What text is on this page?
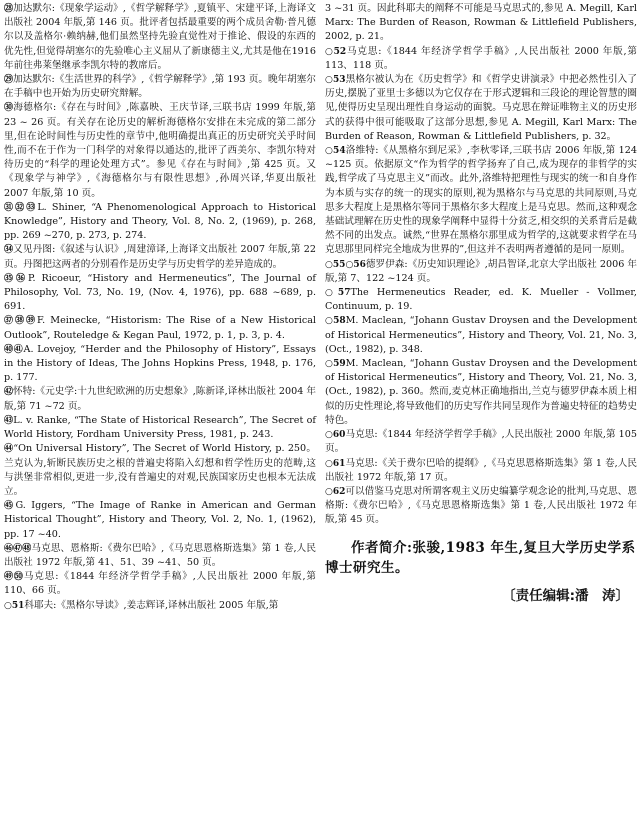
㉘加达默尔:《现象学运动》,《哲学解释学》,夏镇平、宋建平译,上海译文出版社 2004 年版,第 146 页。批评者包括最重要的两个成员舍勒·普凡德尔以及盖格尔·赖纳赫,他们虽然坚持先验直觉性对于推论、假设的东西的优先性,但觉得胡塞尔的先验唯心主义屈从了新康德主义,尤其是他在1916 年前往弗莱堡继承李凯尔特的教席后。

㉙加达默尔:《生活世界的科学》,《哲学解释学》,第 193 页。晚年胡塞尔在手稿中也开始为历史研究辩解。

㉚海德格尔:《存在与时间》,陈嘉映、王庆节译,三联书店 1999 年版,第 23 ~ 26 页。有关存在论历史的解析海德格尔安排在未完成的第二部分里,但在论时间性与历史性的章节中,他明确提出真正的历史研究关乎时间性,而不在于作为一门科学的对象得以通达的,批评了西美尔、李凯尔特对待历史的“科学的理论处理方式”。参见《存在与时间》,第 425 页。又《现象学与神学》,《海德格尔与有限性思想》,孙周兴译,华夏出版社 2007 年版,第 10 页。

㉛㉜㉝L. Shiner, “A Phenomenological Approach to Historical Knowledge”, History and Theory, Vol. 8, No. 2, (1969), p. 268, pp. 269 ~270, p. 273, p. 274.

㉞又见丹图:《叙述与认识》,周建漳译,上海译文出版社 2007 年版,第 22 页。丹图把这两者的分别看作是历史学与历史哲学的差异造成的。

㉟㊱P. Ricoeur, “History and Hermeneutics”, The Journal of Philosophy, Vol. 73, No. 19, (Nov. 4, 1976), pp. 688 ~689, p. 691.

㊲㊳㊴F. Meinecke, “Historism: The Rise of a New Historical Outlook”, Routeledge & Kegan Paul, 1972, p. 1, p. 3, p. 4.

㊵㊶A. Lovejoy, “Herder and the Philosophy of History”, Essays in the History of Ideas, The Johns Hopkins Press, 1948, p. 176, p. 177.

㊷怀特:《元史学:十九世纪欧洲的历史想象》,陈新译,译林出版社 2004 年版,第 71 ~72 页。

㊸L. v. Ranke, “The State of Historical Research”, The Secret of World History, Fordham University Press, 1981, p. 243.

㊹“On Universal History”, The Secret of World History, p. 250。兰克认为,斩断民族历史之根的普遍史将陷入幻想和哲学性历史的范畴,这与洪堡非常相似,更进一步,没有普遍史的对观,民族国家历史也根本无法成立。

㊺G. Iggers, “The Image of Ranke in American and German Historical Thought”, History and Theory, Vol. 2, No. 1, (1962), pp. 17 ~40.

㊻㊼㊽马克思、恩格斯:《费尔巴哈》,《马克思恩格斯选集》第 1 卷,人民出版社 1972 年版,第 41、51、39 ~41、50 页。

㊾㊿马克思:《1844 年经济学哲学手稿》,人民出版社 2000 年版,第 110、66 页。

○51科耶夫:《黑格尔导读》,姜志辉译,译林出版社 2005 年版,第

3 ~31 页。因此科耶夫的阐释不可能是马克思式的,参见 A. Megill, Karl Marx: The Burden of Reason, Rowman & Littlefield Publishers, 2002, p. 21。

○52马克思:《1844 年经济学哲学手稿》,人民出版社 2000 年版,第 113、118 页。

○53黑格尔被认为在《历史哲学》和《哲学史讲演录》中把必然性引入了历史,摆脱了亚里士多德以为它仅存在于形式逻辑和三段论的理论智慧的圈见,使得历史呈现出理性自身运动的面貌。马克思在辩证唯物主义的历史形式的获得中很可能吸取了这部分思想,参见 A. Megill, Karl Marx: The Burden of Reason, Rowman & Littlefield Publishers, p. 32。

○54洛维特:《从黑格尔到尼采》,李秋零译,三联书店 2006 年版,第 124 ~125 页。依据原文“作为哲学的哲学扬弃了自己,成为现存的非哲学的实践,哲学成了马克思主义”而改。此外,洛维特把理性与现实的统一和自身作为本质与实存的统一的现实的原则,视为黑格尔与马克思的共同原则,马克思多大程度上是黑格尔等同于黑格尔多大程度上是马克思。然而,这种观念基础试理解在历史性的现象学阐释中显得十分贫乏,相交织的关系背后是截然不同的出发点。诚然,“世界在黑格尔那里成为哲学的,这就要求哲学在马克思那里同样完全地成为世界的”,但这并不表明两者遵循的是同一原则。

○55○56德罗伊森:《历史知识理论》,胡昌智译,北京大学出版社 2006 年版,第 7、122 ~124 页。

○57The Hermeneutics Reader, ed. K. Mueller - Vollmer, Continuum, p. 19.

○58M. Maclean, “Johann Gustav Droysen and the Development of Historical Hermeneutics”, History and Theory, Vol. 21, No. 3, (Oct., 1982), p. 348.

○59M. Maclean, “Johann Gustav Droysen and the Development of Historical Hermeneutics”, History and Theory, Vol. 21, No. 3, (Oct., 1982), p. 360。然而,麦克林正确地指出,兰克与德罗伊森本质上相似的历史性理论,将导致他们的历史写作共同呈现作为普遍史特征的趋势史特色。

○60马克思:《1844 年经济学哲学手稿》,人民出版社 2000 年版,第 105 页。

○61马克思:《关于费尔巴哈的提纲》,《马克思恩格斯选集》第 1 卷,人民出版社 1972 年版,第 17 页。

○62可以借鉴马克思对所谓客观主义历史编纂学观念论的批判,马克思、恩格斯:《费尔巴哈》,《马克思恩格斯选集》第 1 卷,人民出版社 1972 年版,第 45 页。

作者简介:张骏,1983 年生,复旦大学历史学系博士研究生。
〔责任编辑:潘　涛〕
